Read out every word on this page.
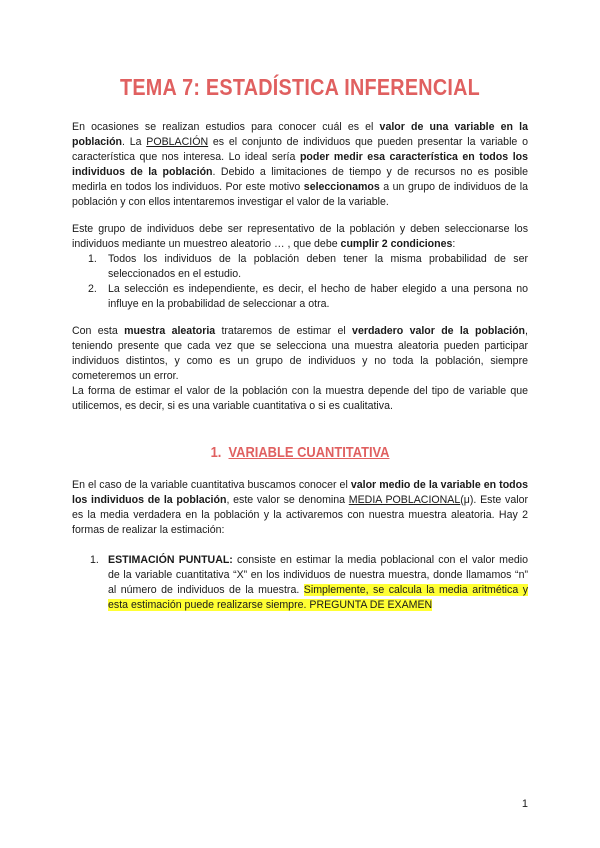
TEMA 7: ESTADÍSTICA INFERENCIAL

En ocasiones se realizan estudios para conocer cuál es el valor de una variable en la población. La POBLACIÓN es el conjunto de individuos que pueden presentar la variable o característica que nos interesa. Lo ideal sería poder medir esa característica en todos los individuos de la población. Debido a limitaciones de tiempo y de recursos no es posible medirla en todos los individuos. Por este motivo seleccionamos a un grupo de individuos de la población y con ellos intentaremos investigar el valor de la variable.

Este grupo de individuos debe ser representativo de la población y deben seleccionarse los individuos mediante un muestreo aleatorio … , que debe cumplir 2 condiciones:

1. Todos los individuos de la población deben tener la misma probabilidad de ser seleccionados en el estudio.
2. La selección es independiente, es decir, el hecho de haber elegido a una persona no influye en la probabilidad de seleccionar a otra.

Con esta muestra aleatoria trataremos de estimar el verdadero valor de la población, teniendo presente que cada vez que se selecciona una muestra aleatoria pueden participar individuos distintos, y como es un grupo de individuos y no toda la población, siempre cometeremos un error.

La forma de estimar el valor de la población con la muestra depende del tipo de variable que utilicemos, es decir, si es una variable cuantitativa o si es cualitativa.

1. VARIABLE CUANTITATIVA

En el caso de la variable cuantitativa buscamos conocer el valor medio de la variable en todos los individuos de la población, este valor se denomina MEDIA POBLACIONAL(μ). Este valor es la media verdadera en la población y la activaremos con nuestra muestra aleatoria. Hay 2 formas de realizar la estimación:

1. ESTIMACIÓN PUNTUAL: consiste en estimar la media poblacional con el valor medio de la variable cuantitativa “X” en los individuos de nuestra muestra, donde llamamos “n” al número de individuos de la muestra. Simplemente, se calcula la media aritmética y esta estimación puede realizarse siempre. PREGUNTA DE EXAMEN
1
